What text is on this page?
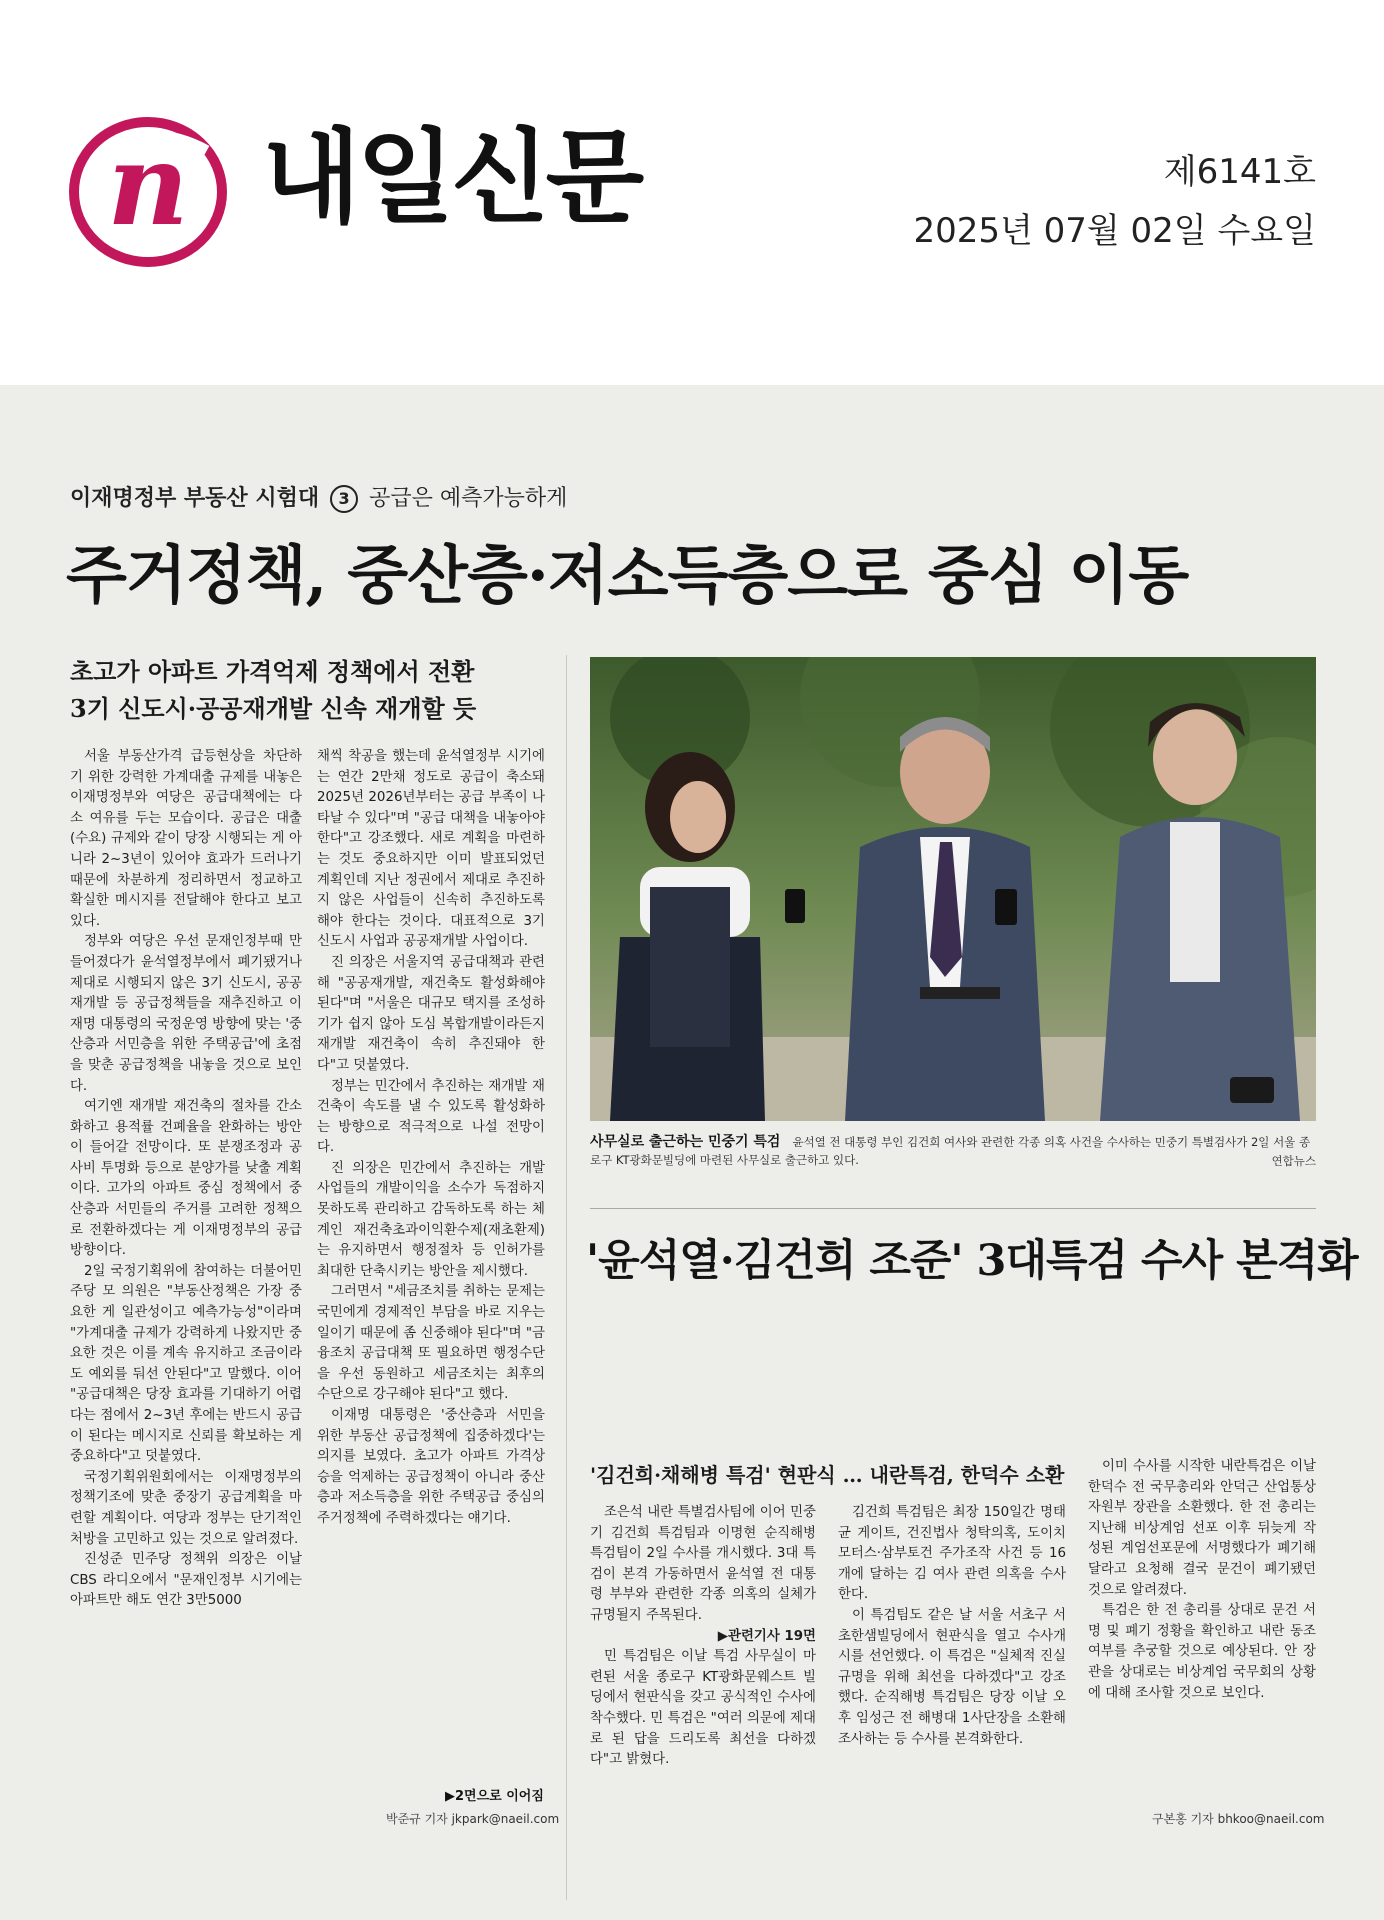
n 내일신문	제6141호
2025년 07월 02일 수요일
이재명정부 부동산 시험대 3 공급은 예측가능하게
주거정책, 중산층·저소득층으로 중심 이동
초고가 아파트 가격억제 정책에서 전환
3기 신도시·공공재개발 신속 재개할 듯

서울 부동산가격 급등현상을 차단하기 위한 강력한 가계대출 규제를 내놓은 이재명정부와 여당은 공급대책에는 다소 여유를 두는 모습이다. 공급은 대출(수요) 규제와 같이 당장 시행되는 게 아니라 2~3년이 있어야 효과가 드러나기 때문에 차분하게 정리하면서 정교하고 확실한 메시지를 전달해야 한다고 보고 있다.

정부와 여당은 우선 문재인정부때 만들어졌다가 윤석열정부에서 폐기됐거나 제대로 시행되지 않은 3기 신도시, 공공 재개발 등 공급정책들을 재추진하고 이재명 대통령의 국정운영 방향에 맞는 '중산층과 서민층을 위한 주택공급'에 초점을 맞춘 공급정책을 내놓을 것으로 보인다.

여기엔 재개발 재건축의 절차를 간소화하고 용적률 건폐율을 완화하는 방안이 들어갈 전망이다. 또 분쟁조정과 공사비 투명화 등으로 분양가를 낮출 계획이다. 고가의 아파트 중심 정책에서 중산층과 서민들의 주거를 고려한 정책으로 전환하겠다는 게 이재명정부의 공급방향이다.

2일 국정기획위에 참여하는 더불어민주당 모 의원은 "부동산정책은 가장 중요한 게 일관성이고 예측가능성"이라며 "가계대출 규제가 강력하게 나왔지만 중요한 것은 이를 계속 유지하고 조금이라도 예외를 둬선 안된다"고 말했다. 이어 "공급대책은 당장 효과를 기대하기 어렵다는 점에서 2~3년 후에는 반드시 공급이 된다는 메시지로 신뢰를 확보하는 게 중요하다"고 덧붙였다.

국정기획위원회에서는 이재명정부의 정책기조에 맞춘 중장기 공급계획을 마련할 계획이다. 여당과 정부는 단기적인 처방을 고민하고 있는 것으로 알려졌다.

진성준 민주당 정책위 의장은 이날 CBS 라디오에서 "문재인정부 시기에는 아파트만 해도 연간 3만5000

채씩 착공을 했는데 윤석열정부 시기에는 연간 2만채 정도로 공급이 축소돼 2025년 2026년부터는 공급 부족이 나타날 수 있다"며 "공급 대책을 내놓아야 한다"고 강조했다. 새로 계획을 마련하는 것도 중요하지만 이미 발표되었던 계획인데 지난 정권에서 제대로 추진하지 않은 사업들이 신속히 추진하도록 해야 한다는 것이다. 대표적으로 3기 신도시 사업과 공공재개발 사업이다.

진 의장은 서울지역 공급대책과 관련해 "공공재개발, 재건축도 활성화해야 된다"며 "서울은 대규모 택지를 조성하기가 쉽지 않아 도심 복합개발이라든지 재개발 재건축이 속히 추진돼야 한다"고 덧붙였다.

정부는 민간에서 추진하는 재개발 재건축이 속도를 낼 수 있도록 활성화하는 방향으로 적극적으로 나설 전망이다.

진 의장은 민간에서 추진하는 개발 사업들의 개발이익을 소수가 독점하지 못하도록 관리하고 감독하도록 하는 체계인 재건축초과이익환수제(재초환제)는 유지하면서 행정절차 등 인허가를 최대한 단축시키는 방안을 제시했다.

그러면서 "세금조치를 취하는 문제는 국민에게 경제적인 부담을 바로 지우는 일이기 때문에 좀 신중해야 된다"며 "금융조치 공급대책 또 필요하면 행정수단을 우선 동원하고 세금조치는 최후의 수단으로 강구해야 된다"고 했다.

이재명 대통령은 '중산층과 서민을 위한 부동산 공급정책에 집중하겠다'는 의지를 보였다. 초고가 아파트 가격상승을 억제하는 공급정책이 아니라 중산층과 저소득층을 위한 주택공급 중심의 주거정책에 주력하겠다는 얘기다.

▶2면으로 이어짐
박준규 기자 jkpark@naeil.com
사무실로 출근하는 민중기 특검 윤석열 전 대통령 부인 김건희 여사와 관련한 각종 의혹 사건을 수사하는 민중기 특별검사가 2일 서울 종로구 KT광화문빌딩에 마련된 사무실로 출근하고 있다.	연합뉴스
'윤석열·김건희 조준' 3대특검 수사 본격화
'김건희·채해병 특검' 현판식 … 내란특검, 한덕수 소환

조은석 내란 특별검사팀에 이어 민중기 김건희 특검팀과 이명현 순직해병 특검팀이 2일 수사를 개시했다. 3대 특검이 본격 가동하면서 윤석열 전 대통령 부부와 관련한 각종 의혹의 실체가 규명될지 주목된다.

▶관련기사 19면

민 특검팀은 이날 특검 사무실이 마련된 서울 종로구 KT광화문웨스트 빌딩에서 현판식을 갖고 공식적인 수사에 착수했다. 민 특검은 "여러 의문에 제대로 된 답을 드리도록 최선을 다하겠다"고 밝혔다.

김건희 특검팀은 최장 150일간 명태균 게이트, 건진법사 청탁의혹, 도이치모터스·삼부토건 주가조작 사건 등 16개에 달하는 김 여사 관련 의혹을 수사한다.

이 특검팀도 같은 날 서울 서초구 서초한샘빌딩에서 현판식을 열고 수사개시를 선언했다. 이 특검은 "실체적 진실 규명을 위해 최선을 다하겠다"고 강조했다. 순직해병 특검팀은 당장 이날 오후 임성근 전 해병대 1사단장을 소환해 조사하는 등 수사를 본격화한다.

이미 수사를 시작한 내란특검은 이날 한덕수 전 국무총리와 안덕근 산업통상자원부 장관을 소환했다. 한 전 총리는 지난해 비상계엄 선포 이후 뒤늦게 작성된 계엄선포문에 서명했다가 폐기해달라고 요청해 결국 문건이 폐기됐던 것으로 알려졌다.

특검은 한 전 총리를 상대로 문건 서명 및 폐기 정황을 확인하고 내란 동조 여부를 추궁할 것으로 예상된다. 안 장관을 상대로는 비상계엄 국무회의 상황에 대해 조사할 것으로 보인다.

구본홍 기자 bhkoo@naeil.com
